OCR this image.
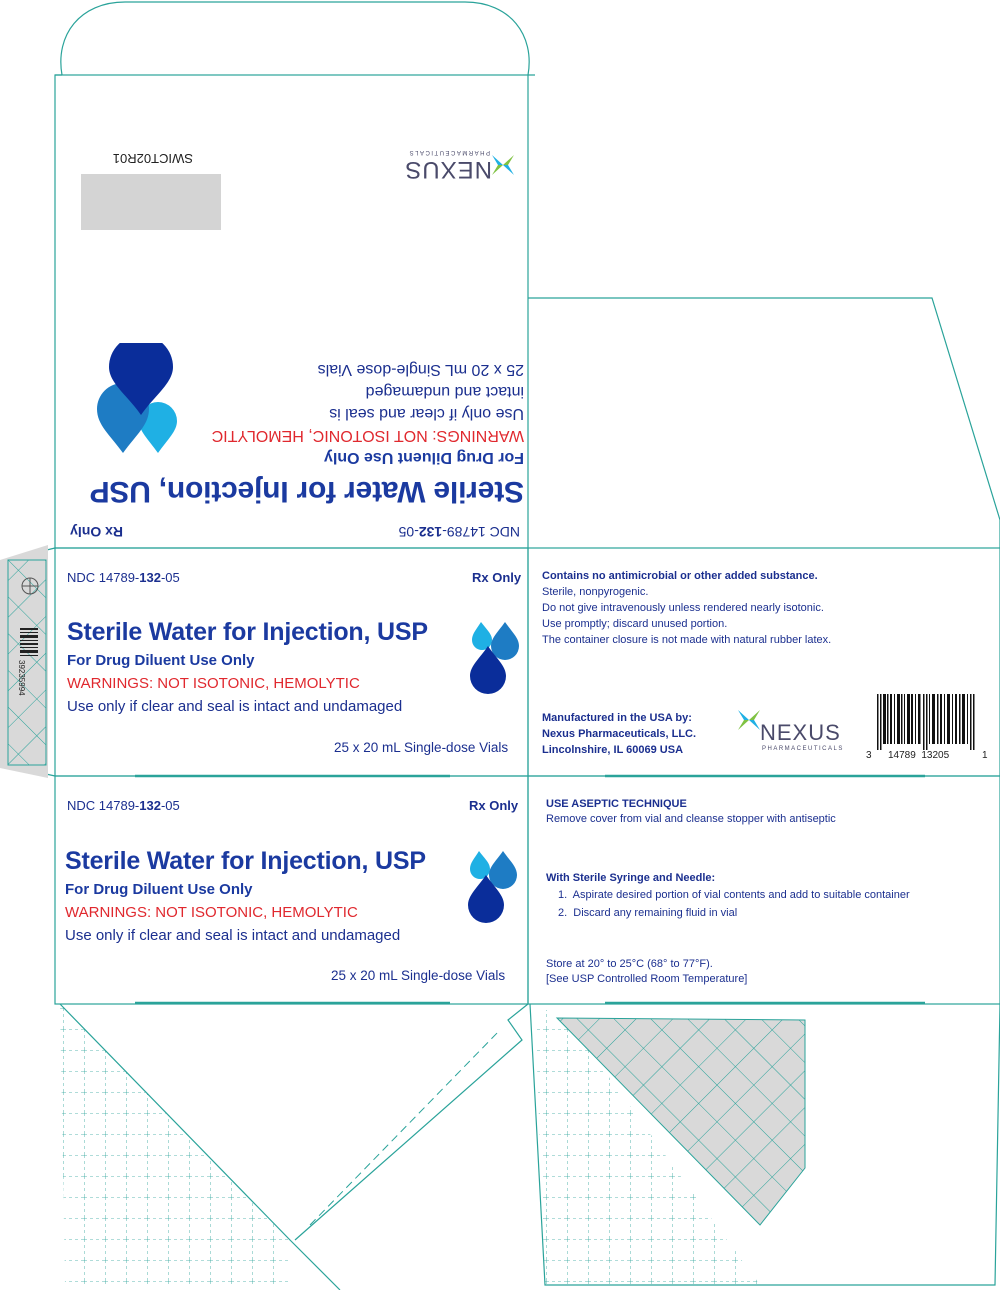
39235994
NDC 14789-132-05
Rx Only
Sterile Water for Injection, USP
For Drug Diluent Use Only
WARNINGS: NOT ISOTONIC, HEMOLYTIC
Use only if clear and seal is
intact and undamaged
25 x 20 mL Single-dose Vials
NEXUS
PHARMACEUTICALS
SWICT02R01
NDC 14789-132-05	Rx Only
Sterile Water for Injection, USP
For Drug Diluent Use Only
WARNINGS: NOT ISOTONIC, HEMOLYTIC
Use only if clear and seal is intact and undamaged
25 x 20 mL Single-dose Vials
Contains no antimicrobial or other added substance.
Sterile, nonpyrogenic.
Do not give intravenously unless rendered nearly isotonic.
Use promptly; discard unused portion.
The container closure is not made with natural rubber latex.
Manufactured in the USA by:
Nexus Pharmaceuticals, LLC.
Lincolnshire, IL 60069 USA
NEXUS
PHARMACEUTICALS
3 14789  13205	1
NDC 14789-132-05	Rx Only
Sterile Water for Injection, USP
For Drug Diluent Use Only
WARNINGS: NOT ISOTONIC, HEMOLYTIC
Use only if clear and seal is intact and undamaged
25 x 20 mL Single-dose Vials
USE ASEPTIC TECHNIQUE
Remove cover from vial and cleanse stopper with antiseptic
With Sterile Syringe and Needle:
1.  Aspirate desired portion of vial contents and add to suitable container
2.  Discard any remaining fluid in vial
Store at 20° to 25°C (68° to 77°F).
[See USP Controlled Room Temperature]
